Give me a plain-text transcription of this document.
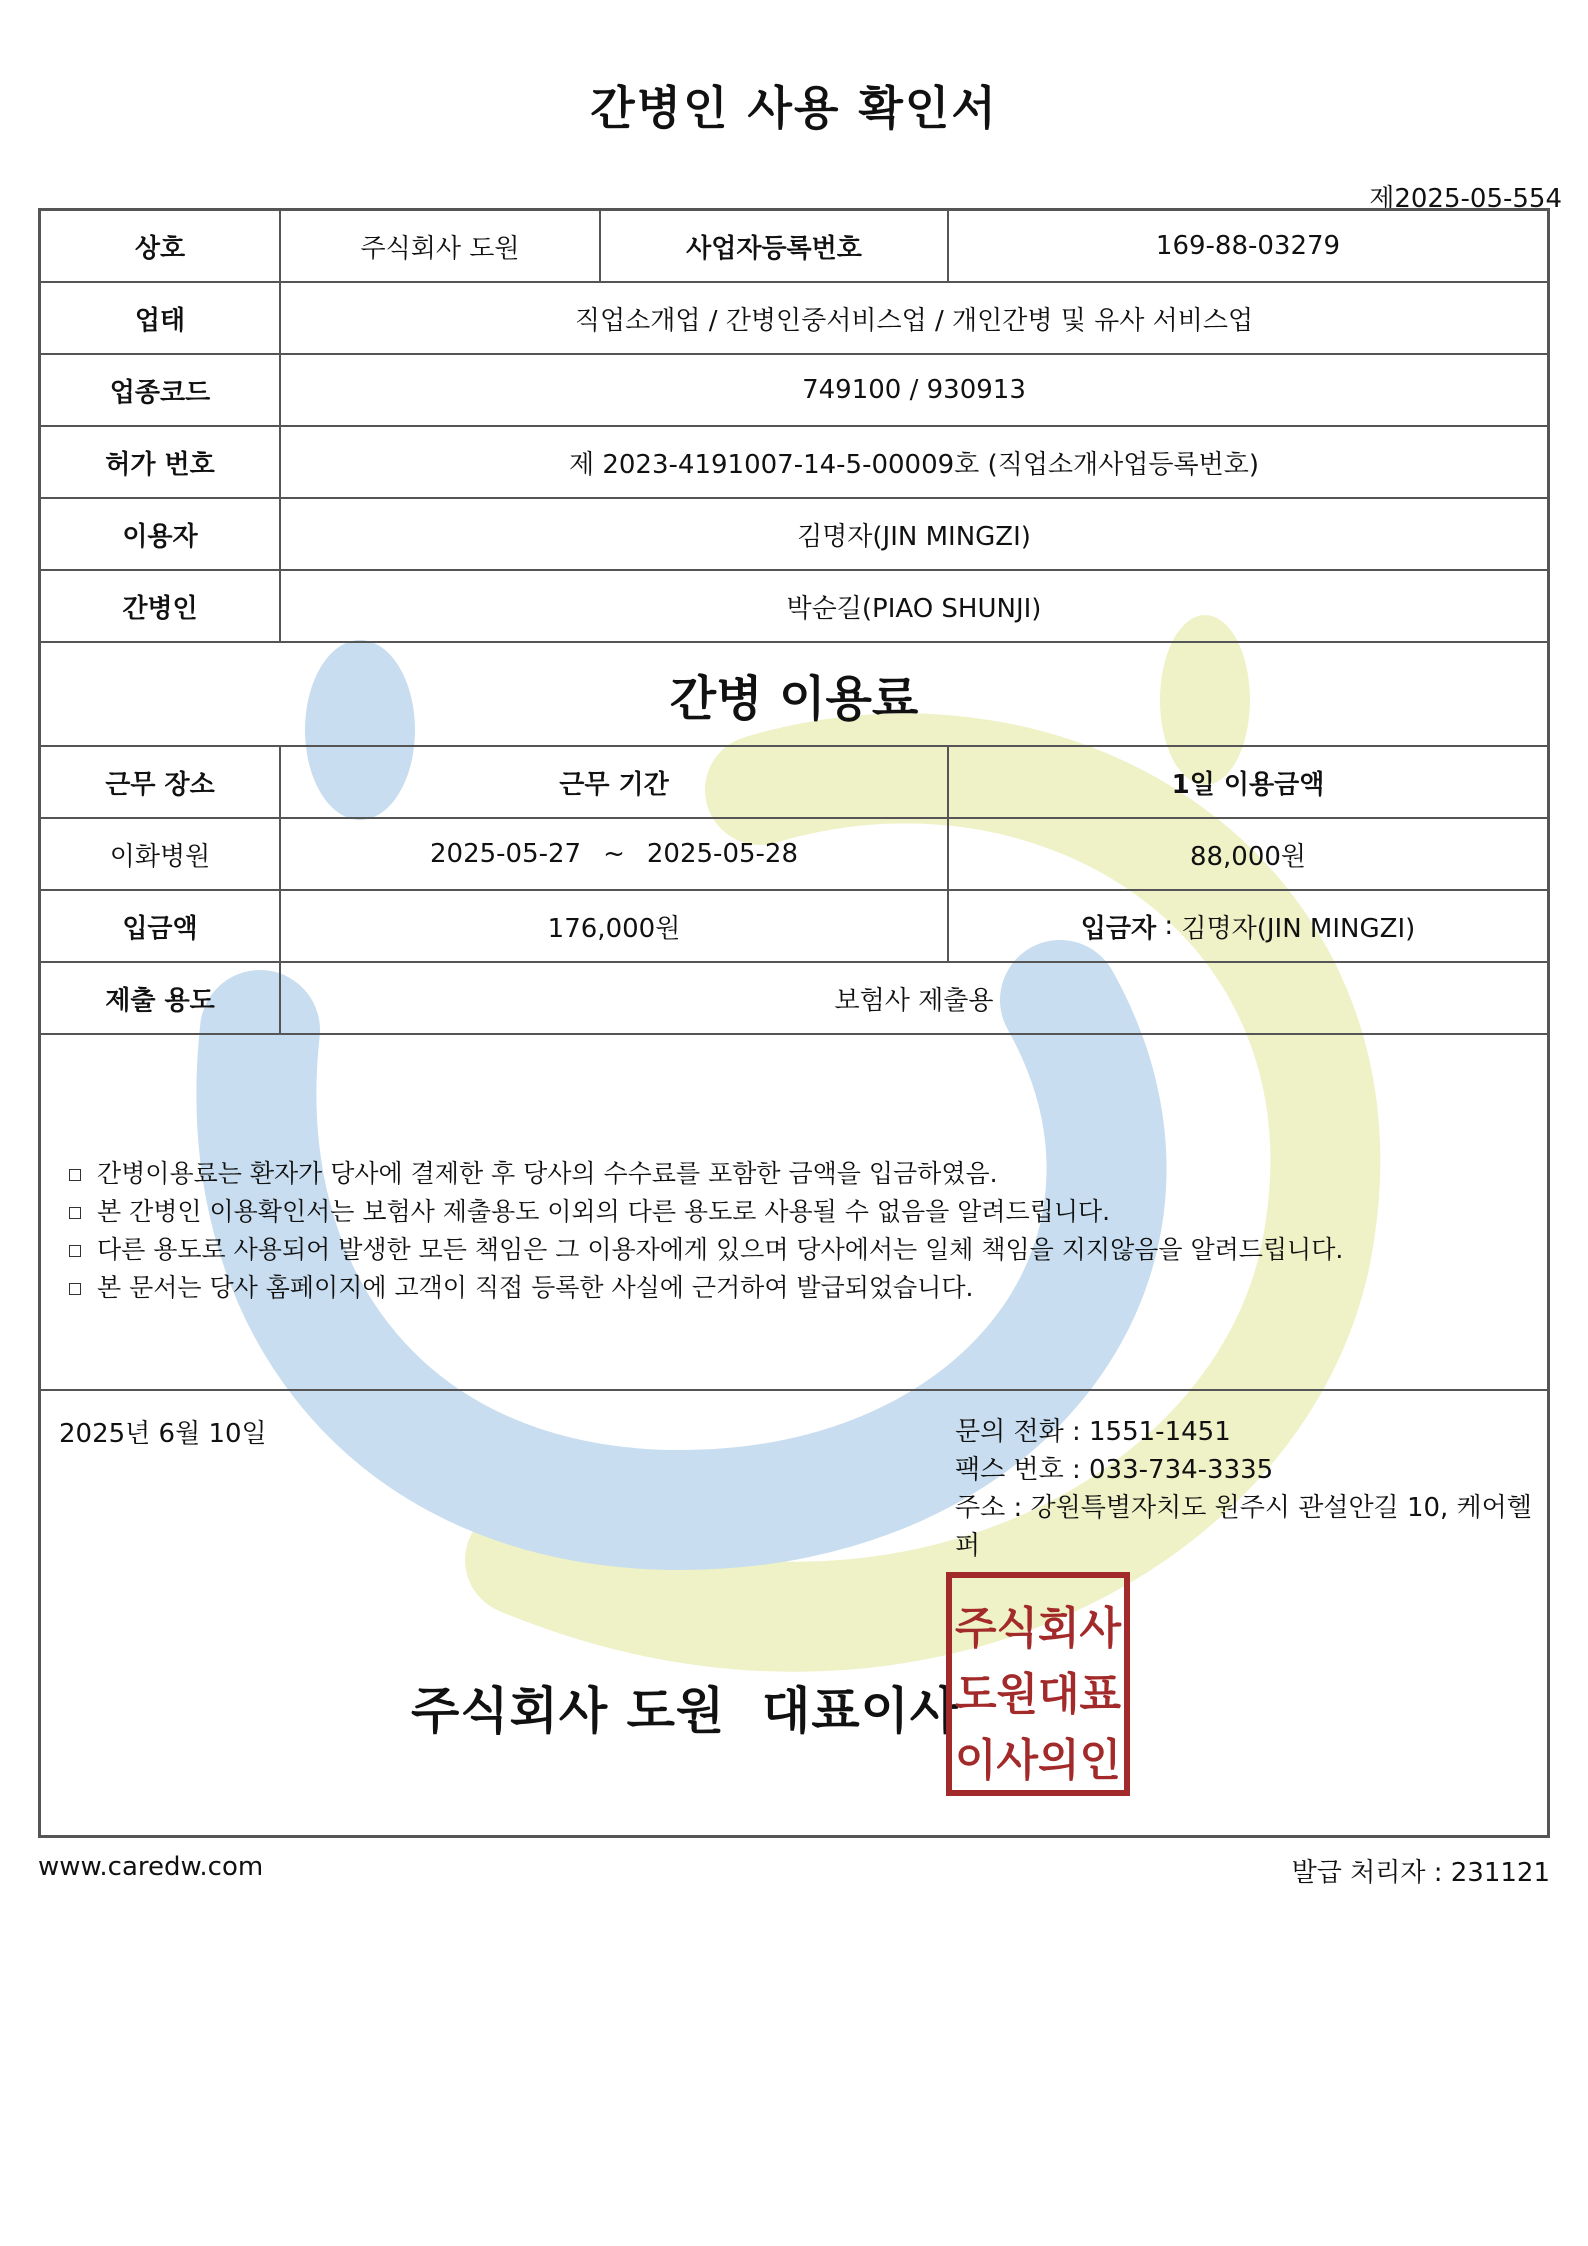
간병인 사용 확인서
제2025-05-554
상호	주식회사 도원	사업자등록번호	169-88-03279
업태	직업소개업 / 간병인중서비스업 / 개인간병 및 유사 서비스업
업종코드	749100 / 930913
허가 번호	제 2023-4191007-14-5-00009호 (직업소개사업등록번호)
이용자	김명자(JIN MINGZI)
간병인	박순길(PIAO SHUNJI)
간병 이용료
근무 장소	근무 기간	1일 이용금액
이화병원	2025-05-27 ~ 2025-05-28	88,000원
입금액	176,000원	입금자 : 김명자(JIN MINGZI)
제출 용도	보험사 제출용
간병이용료는 환자가 당사에 결제한 후 당사의 수수료를 포함한 금액을 입금하였음.
본 간병인 이용확인서는 보험사 제출용도 이외의 다른 용도로 사용될 수 없음을 알려드립니다.
다른 용도로 사용되어 발생한 모든 책임은 그 이용자에게 있으며 당사에서는 일체 책임을 지지않음을 알려드립니다.
본 문서는 당사 홈페이지에 고객이 직접 등록한 사실에 근거하여 발급되었습니다.
2025년 6월 10일	문의 전화 : 1551-1451
팩스 번호 : 033-734-3335
주소 : 강원특별자치도 원주시 관설안길 10, 케어헬퍼
주식회사 도원  대표이사
주식회사
도원대표
이사의인
www.caredw.com	발급 처리자 : 231121
